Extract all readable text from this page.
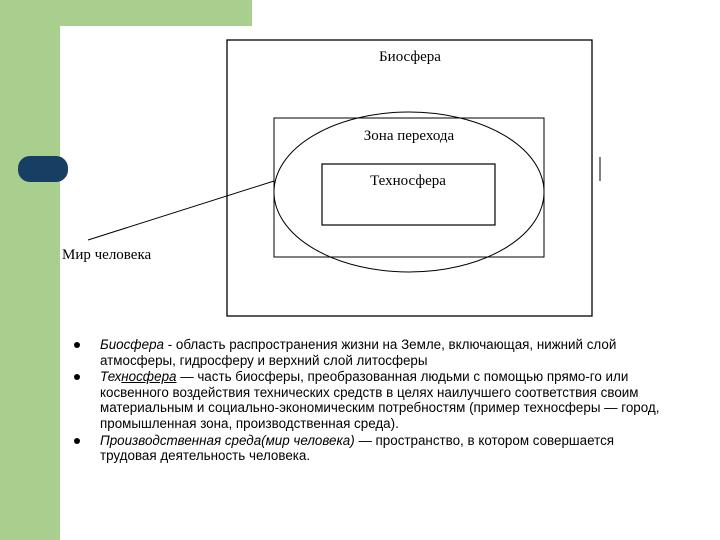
Биосфера
Зона перехода
Техносфера
Мир человека
Биосфера - область распространения жизни на Земле, включающая, нижний слой атмосферы, гидросферу и верхний слой литосферы
Техносфера — часть биосферы, преобразованная людьми с помощью прямо-го или косвенного воздействия технических средств в целях наилучшего соответствия своим материальным и социально-экономическим потребностям (пример техносферы — город, промышленная зона, производственная среда).
Производственная среда(мир человека) — пространство, в котором совершается трудовая деятельность человека.
